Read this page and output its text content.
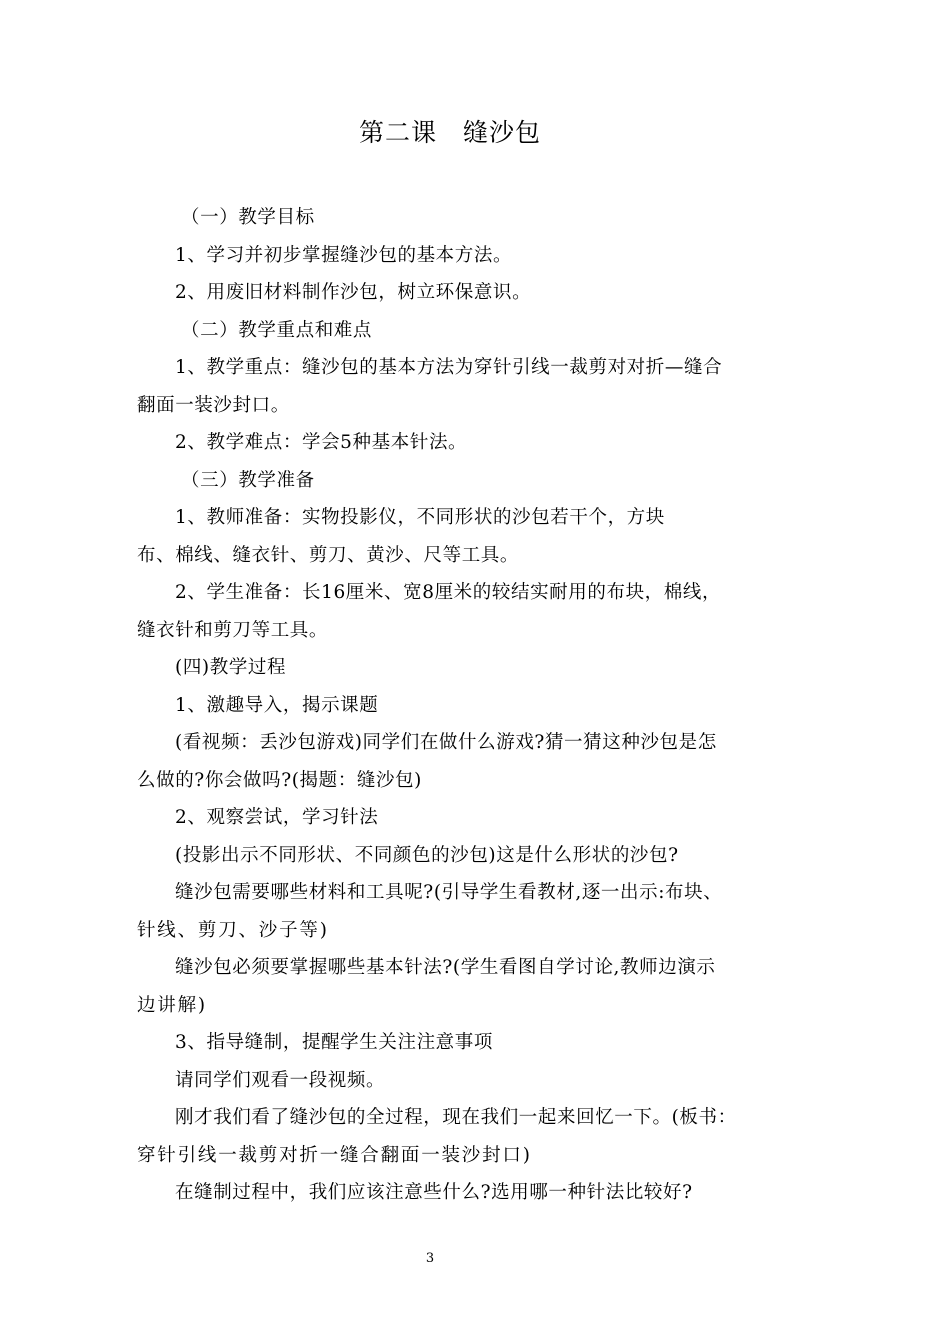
第二课　缝沙包
（一）教学目标
1、学习并初步掌握缝沙包的基本方法。
2、用废旧材料制作沙包，树立环保意识。
（二）教学重点和难点
1、教学重点：缝沙包的基本方法为穿针引线一裁剪对对折—缝合
翻面一装沙封口。
2、教学难点：学会5种基本针法。
（三）教学准备
1、教师准备：实物投影仪，不同形状的沙包若干个，方块
布、棉线、缝衣针、剪刀、黄沙、尺等工具。
2、学生准备：长16厘米、宽8厘米的较结实耐用的布块，棉线，
缝衣针和剪刀等工具。
(四)教学过程
1、激趣导入，揭示课题
(看视频：丢沙包游戏)同学们在做什么游戏?猜一猜这种沙包是怎
么做的?你会做吗?(揭题：缝沙包)
2、观察尝试，学习针法
(投影出示不同形状、不同颜色的沙包)这是什么形状的沙包?
缝沙包需要哪些材料和工具呢?(引导学生看教材,逐一出示:布块、
针线、剪刀、沙子等)
缝沙包必须要掌握哪些基本针法?(学生看图自学讨论,教师边演示
边讲解)
3、指导缝制，提醒学生关注注意事项
请同学们观看一段视频。
刚才我们看了缝沙包的全过程，现在我们一起来回忆一下。(板书：
穿针引线一裁剪对折一缝合翻面一装沙封口)
在缝制过程中，我们应该注意些什么?选用哪一种针法比较好?
3
